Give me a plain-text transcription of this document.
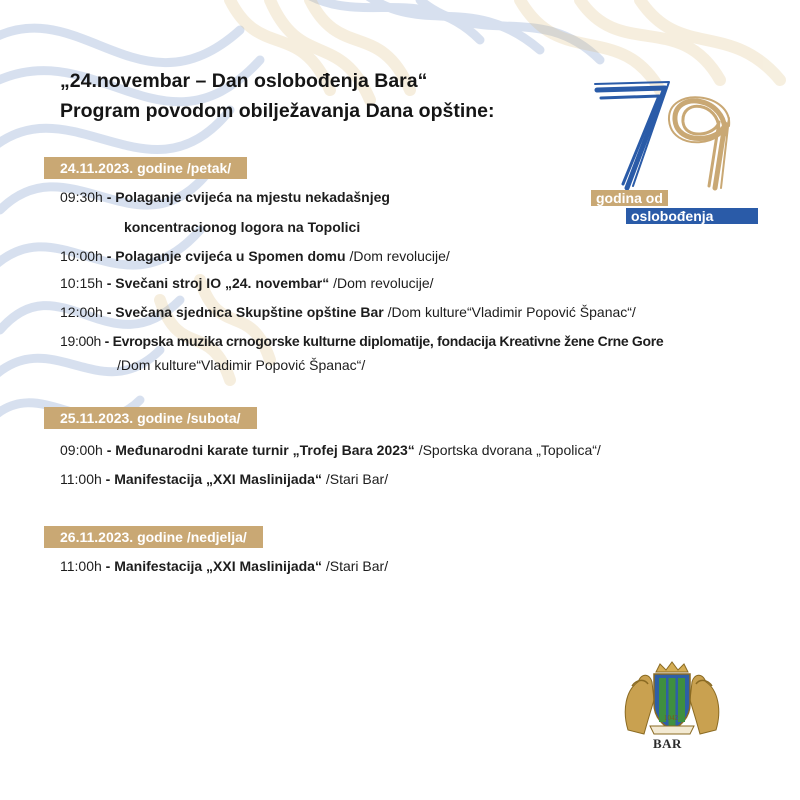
„24.novembar – Dan oslobođenja Bara“
Program povodom obilježavanja Dana opštine:
godina od
oslobođenja
24.11.2023. godine /petak/
09:30h - Polaganje cvijeća na mjestu nekadašnjeg
koncentracionog logora na Topolici
10:00h - Polaganje cvijeća u Spomen domu /Dom revolucije/
10:15h - Svečani stroj IO „24. novembar“ /Dom revolucije/
12:00h - Svečana sjednica Skupštine opštine Bar /Dom kulture“Vladimir Popović Španac“/
19:00h - Evropska muzika crnogorske kulturne diplomatije, fondacija Kreativne žene Crne Gore
/Dom kulture“Vladimir Popović Španac“/
25.11.2023. godine /subota/
09:00h - Međunarodni karate turnir „Trofej Bara 2023“ /Sportska dvorana „Topolica“/
11:00h - Manifestacija „XXI Maslinijada“ /Stari Bar/
26.11.2023. godine /nedjelja/
11:00h - Manifestacija „XXI Maslinijada“ /Stari Bar/
1042
BAR
